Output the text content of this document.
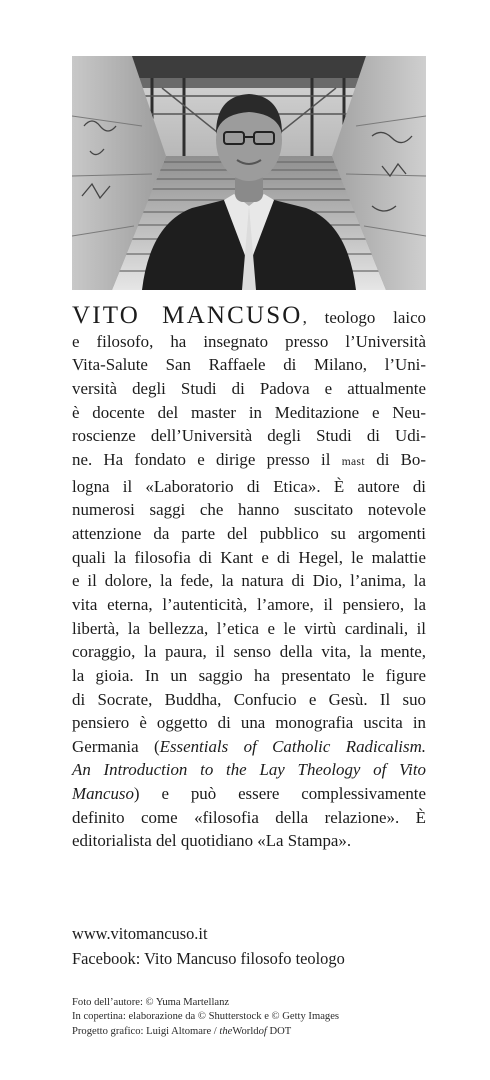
VITO MANCUSO, teologo laico
e filosofo, ha insegnato presso l’Università
Vita-Salute San Raffaele di Milano, l’Uni-
versità degli Studi di Padova e attualmente
è docente del master in Meditazione e Neu-
roscienze dell’Università degli Studi di Udi-
ne. Ha fondato e dirige presso il mast di Bo-
logna il «Laboratorio di Etica». È autore di
numerosi saggi che hanno suscitato notevole
attenzione da parte del pubblico su argomenti
quali la filosofia di Kant e di Hegel, le malattie
e il dolore, la fede, la natura di Dio, l’anima, la
vita eterna, l’autenticità, l’amore, il pensiero, la
libertà, la bellezza, l’etica e le virtù cardinali, il
coraggio, la paura, il senso della vita, la mente,
la gioia. In un saggio ha presentato le figure
di Socrate, Buddha, Confucio e Gesù. Il suo
pensiero è oggetto di una monografia uscita in
Germania (Essentials of Catholic Radicalism.
An Introduction to the Lay Theology of Vito
Mancuso) e può essere complessivamente
definito come «filosofia della relazione». È
editorialista del quotidiano «La Stampa».
www.vitomancuso.it
Facebook: Vito Mancuso filosofo teologo
Foto dell’autore: © Yuma Martellanz
In copertina: elaborazione da © Shutterstock e © Getty Images
Progetto grafico: Luigi Altomare / theWorldof DOT
